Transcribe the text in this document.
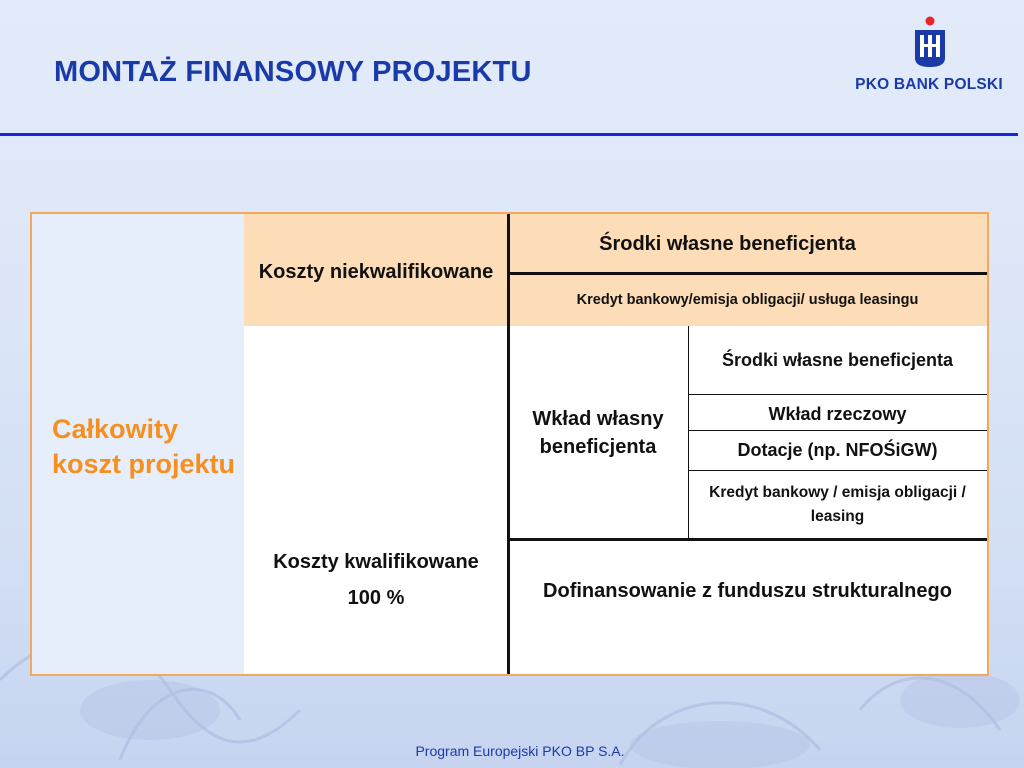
MONTAŻ FINANSOWY PROJEKTU	PKO BANK POLSKI
Całkowity koszt projektu
Koszty niekwalifikowane
Środki własne beneficjenta
Kredyt bankowy/emisja obligacji/ usługa leasingu
Koszty kwalifikowane
100 %
Wkład własny beneficjenta
Środki własne beneficjenta
Wkład rzeczowy
Dotacje (np. NFOŚiGW)
Kredyt bankowy / emisja obligacji / leasing
Dofinansowanie z funduszu strukturalnego
Program Europejski PKO BP S.A.
